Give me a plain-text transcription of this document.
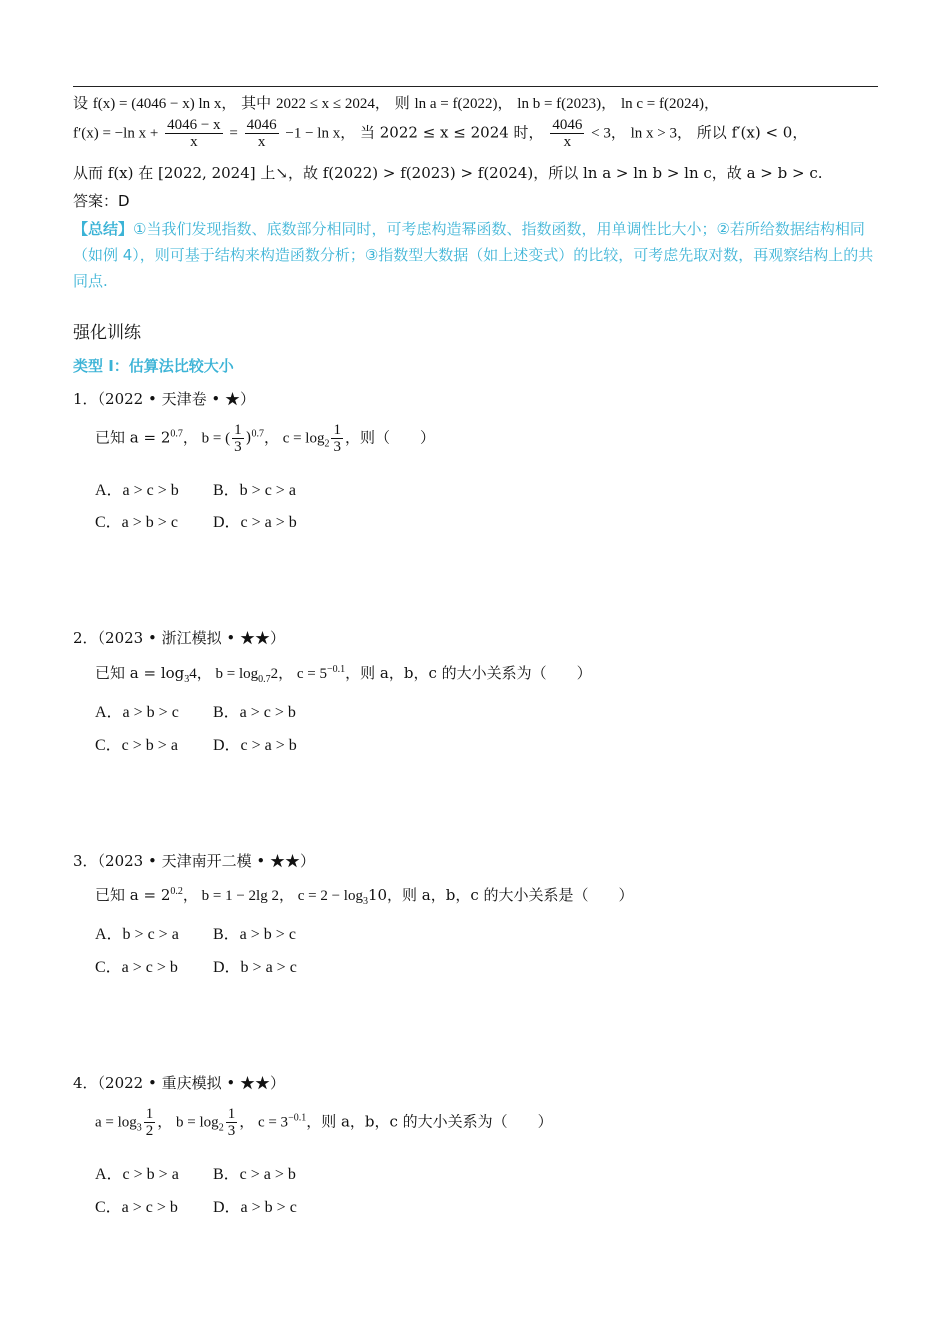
设 f(x) = (4046 − x) ln x， 其中 2022 ≤ x ≤ 2024， 则 ln a = f(2022)， ln b = f(2023)， ln c = f(2024)，
f′(x) = −ln $x + \frac{4046 - x}{x} = \frac{4046}{x} -1 - \ln x$， 当 2022 ≤ x ≤ 2024 时， $\frac{4046}{x} < 3$， ln x > 3， 所以 f′(x) < 0，
从而 f(x) 在 [2022, 2024] 上↘，故 f(2022) > f(2023) > f(2024)，所以 ln a > ln b > ln c，故 a > b > c.
答案：D
【总结】①当我们发现指数、底数部分相同时，可考虑构造幂函数、指数函数，用单调性比大小；②若所给数据结构相同（如例 4），则可基于结构来构造函数分析；③指数型大数据（如上述变式）的比较，可考虑先取对数，再观察结构上的共同点.
强化训练
类型 I：估算法比较大小
1．（2022 • 天津卷 • ★）
已知 $a = 2^{0.7}$， b = ( $\frac{1}{3} )^{0.7}$， $c = \log_2 \frac{1}{3}$ ，则（　　）
A．a > c > b B．b > c > a
C．a > b > c D．c > a > b
2．（2023 • 浙江模拟 • ★★）
已知 $a = \log_34$， $b = \log_{0.7}2$， $c = 5^{-0.1}$，则 a，b，c 的大小关系为（　　）
A．a > b > c B．a > c > b
C．c > b > a D．c > a > b
3．（2023 • 天津南开二模 • ★★）
已知 $a = 2^{0.2}$， b = 1 − 2lg 2， $c = 2 - \log_310$，则 a，b，c 的大小关系是（　　）
A．b > c > a B．a > b > c
C．a > c > b D．b > a > c
4．（2022 • 重庆模拟 • ★★）
$a = \log_3 \frac{1}{2}$ ， $b = \log_2 \frac{1}{3}$ ， $c = 3^{-0.1}$，则 a，b，c 的大小关系为（　　）
A．c > b > a B．c > a > b
C．a > c > b D．a > b > c
